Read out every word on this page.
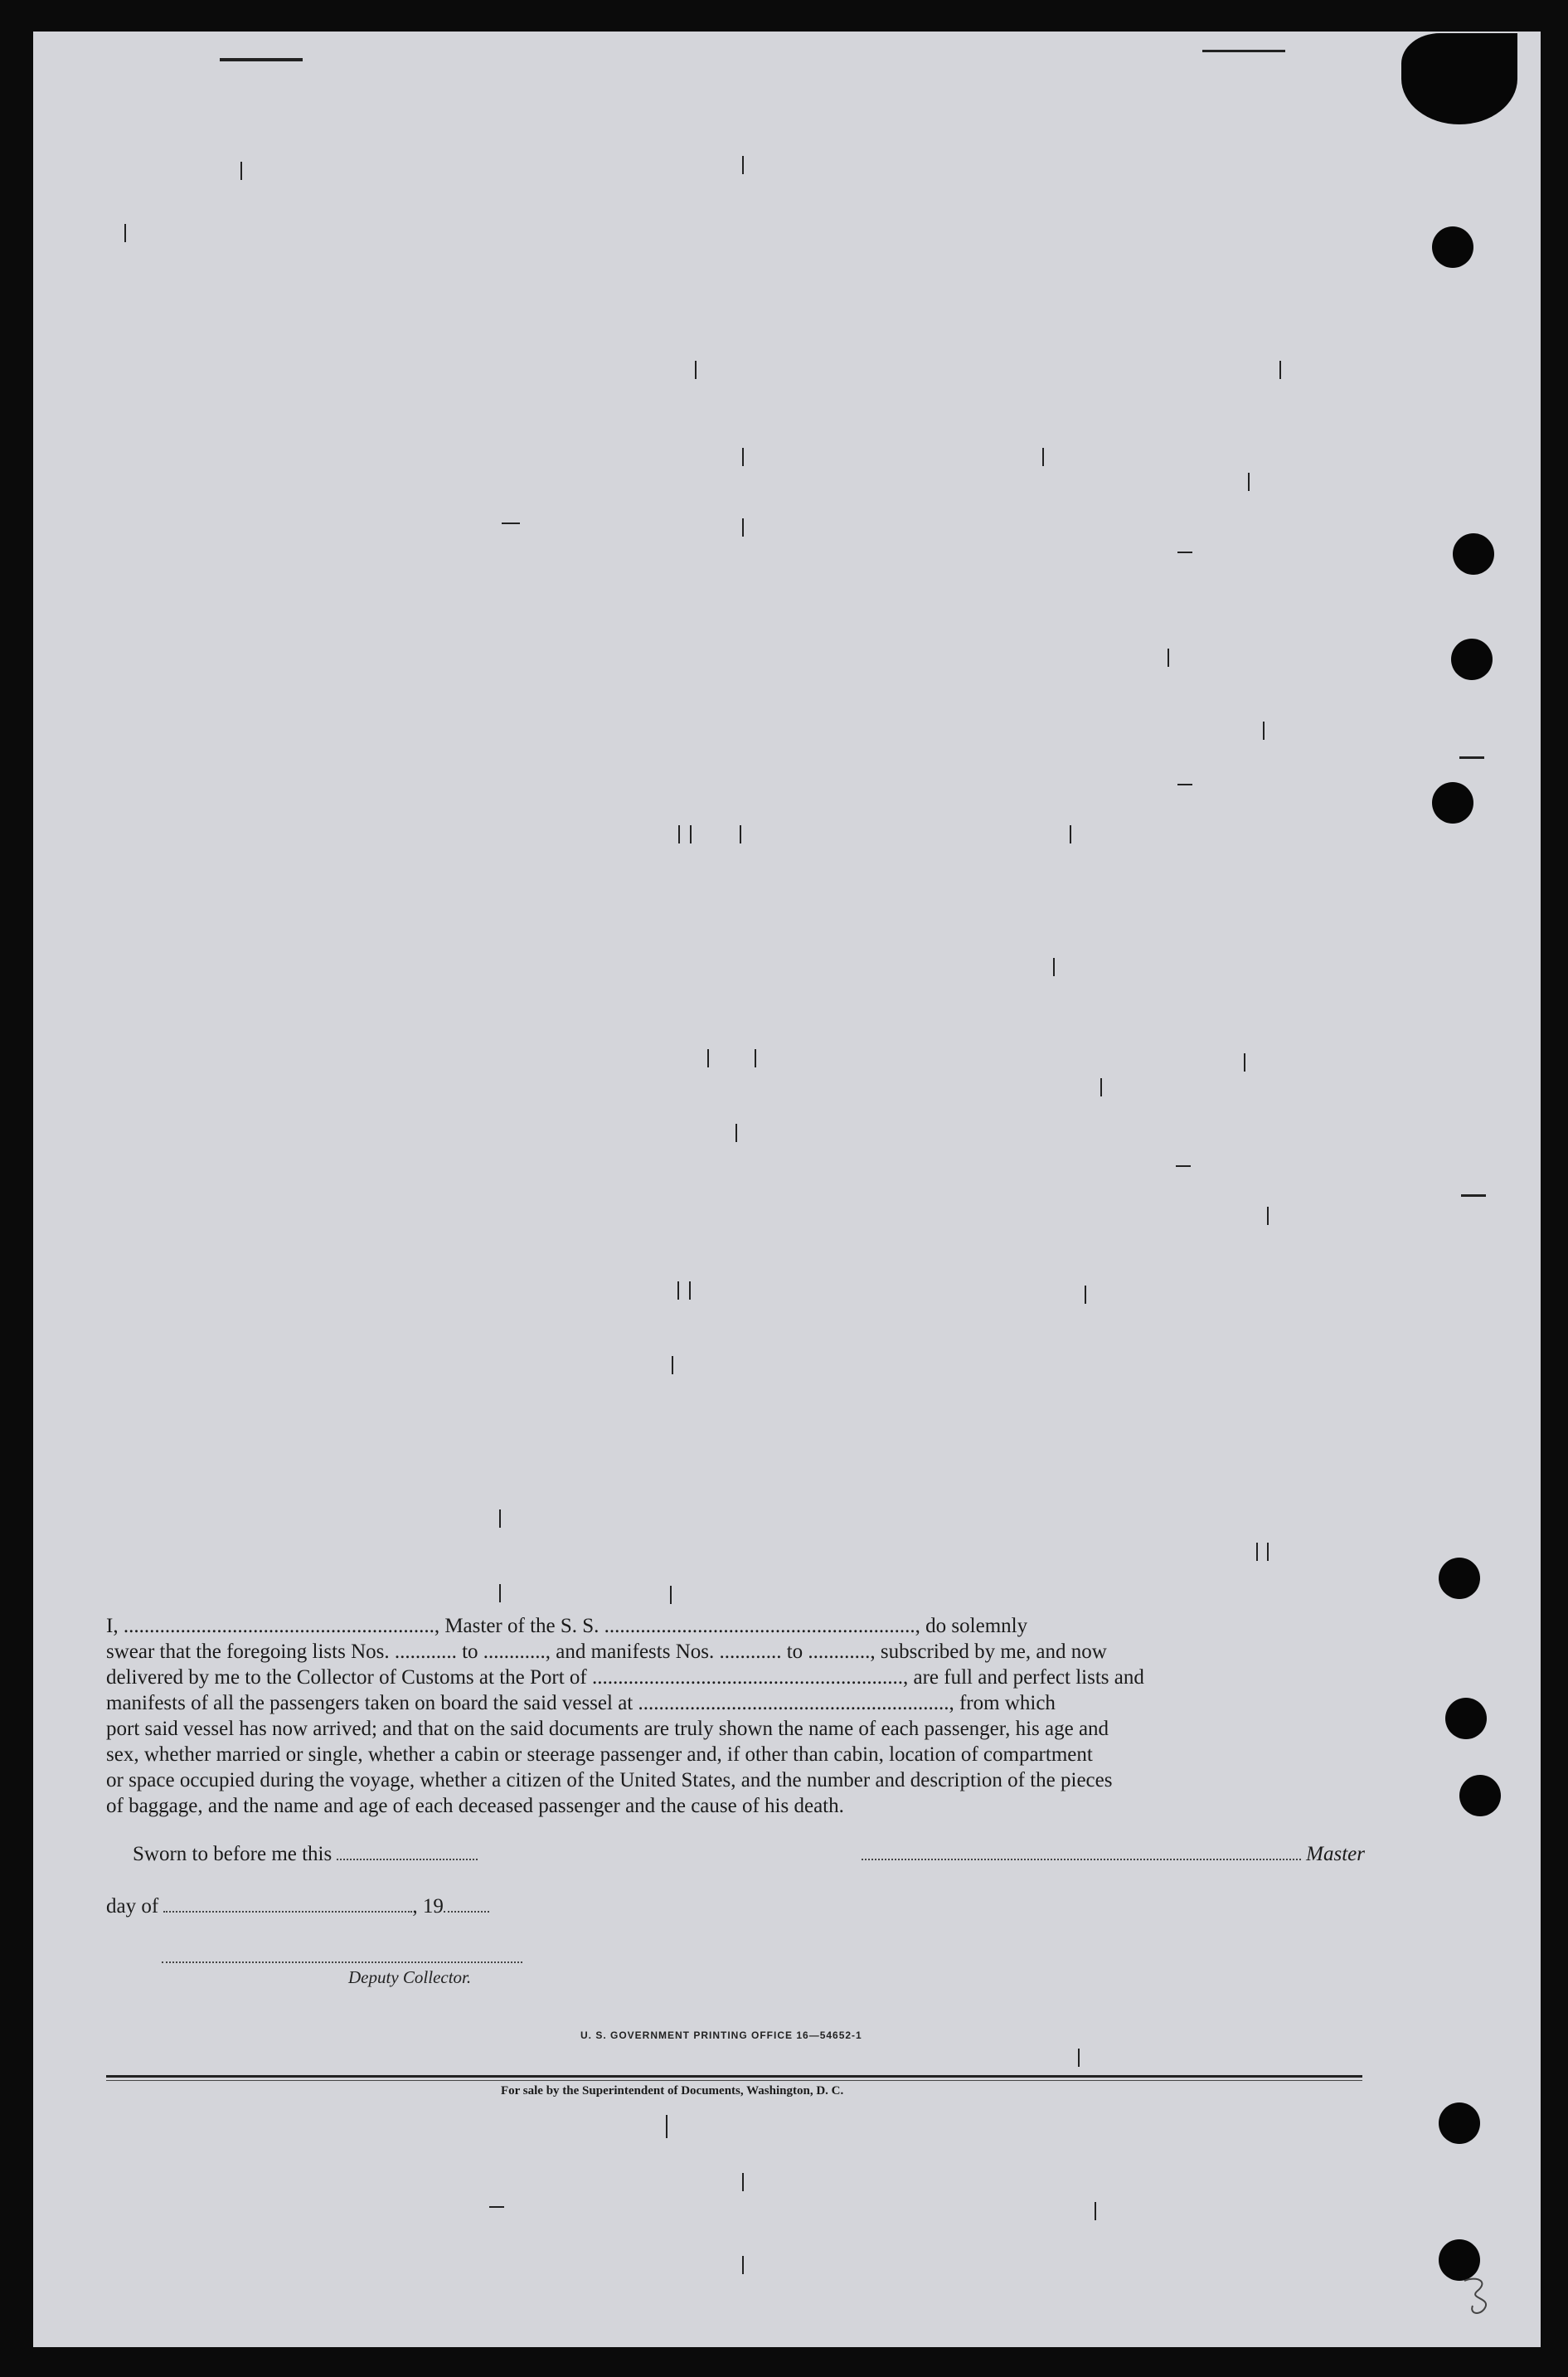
I, ............................................................, Master of the S. S. ............................................................, do solemnly
swear that the foregoing lists Nos. ............ to ............, and manifests Nos. ............ to ............, subscribed by me, and now
delivered by me to the Collector of Customs at the Port of ............................................................, are full and perfect lists and
manifests of all the passengers taken on board the said vessel at ............................................................, from which
port said vessel has now arrived; and that on the said documents are truly shown the name of each passenger, his age and
sex, whether married or single, whether a cabin or steerage passenger and, if other than cabin, location of compartment
or space occupied during the voyage, whether a citizen of the United States, and the number and description of the pieces
of baggage, and the name and age of each deceased passenger and the cause of his death.
Sworn to before me this	Master
day of	, 19
Deputy Collector.
U. S. GOVERNMENT PRINTING OFFICE 16—54652-1
For sale by the Superintendent of Documents, Washington, D. C.
